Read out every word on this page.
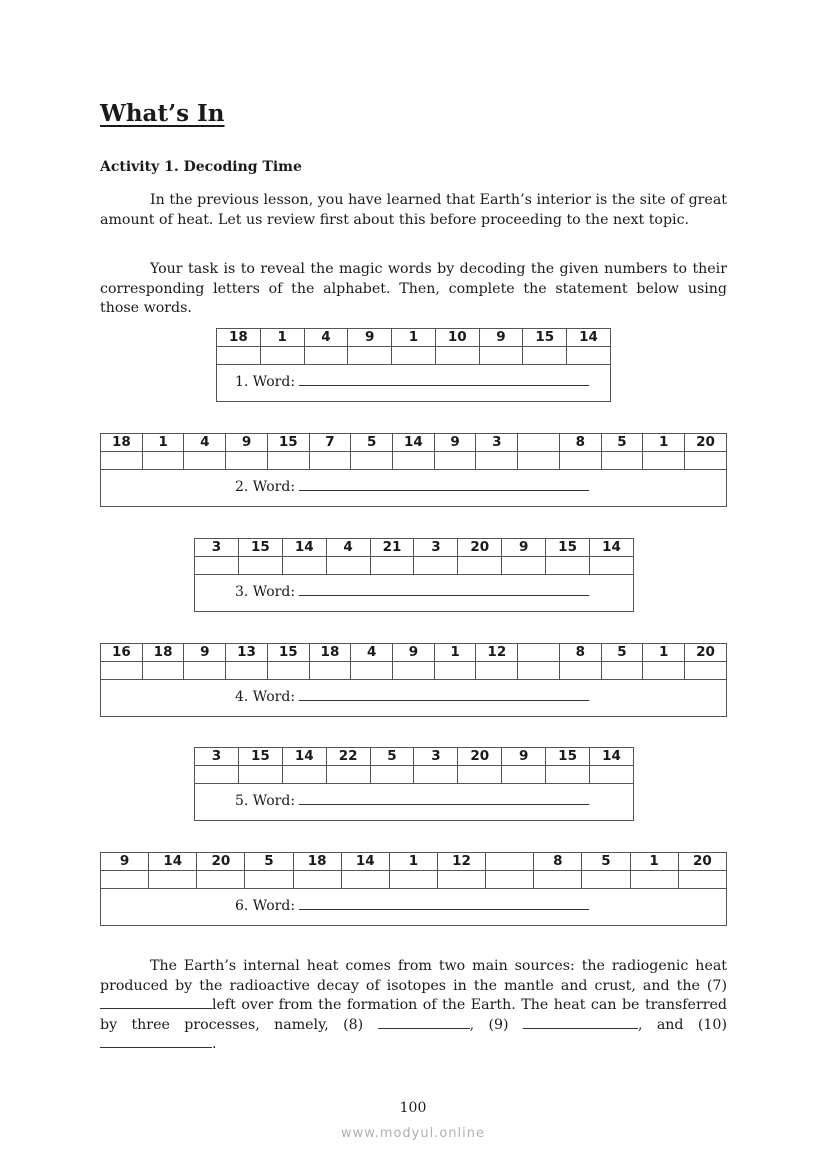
What’s In
Activity 1. Decoding Time

In the previous lesson, you have learned that Earth’s interior is the site of great amount of heat. Let us review first about this before proceeding to the next topic.

Your task is to reveal the magic words by decoding the given numbers to their corresponding letters of the alphabet. Then, complete the statement below using those words.

18	1	4	9	1	10	9	15	14

1. Word:
18	1	4	9	15	7	5	14	9	3		8	5	1	20

2. Word:
3	15	14	4	21	3	20	9	15	14

3. Word:
16	18	9	13	15	18	4	9	1	12		8	5	1	20

4. Word:
3	15	14	22	5	3	20	9	15	14

5. Word:
9	14	20	5	18	14	1	12		8	5	1	20

6. Word:

The Earth’s internal heat comes from two main sources: the radiogenic heat produced by the radioactive decay of isotopes in the mantle and crust, and the (7) left over from the formation of the Earth. The heat can be transferred by three processes, namely, (8)	, (9)	, and (10) .

100
www.modyul.online
